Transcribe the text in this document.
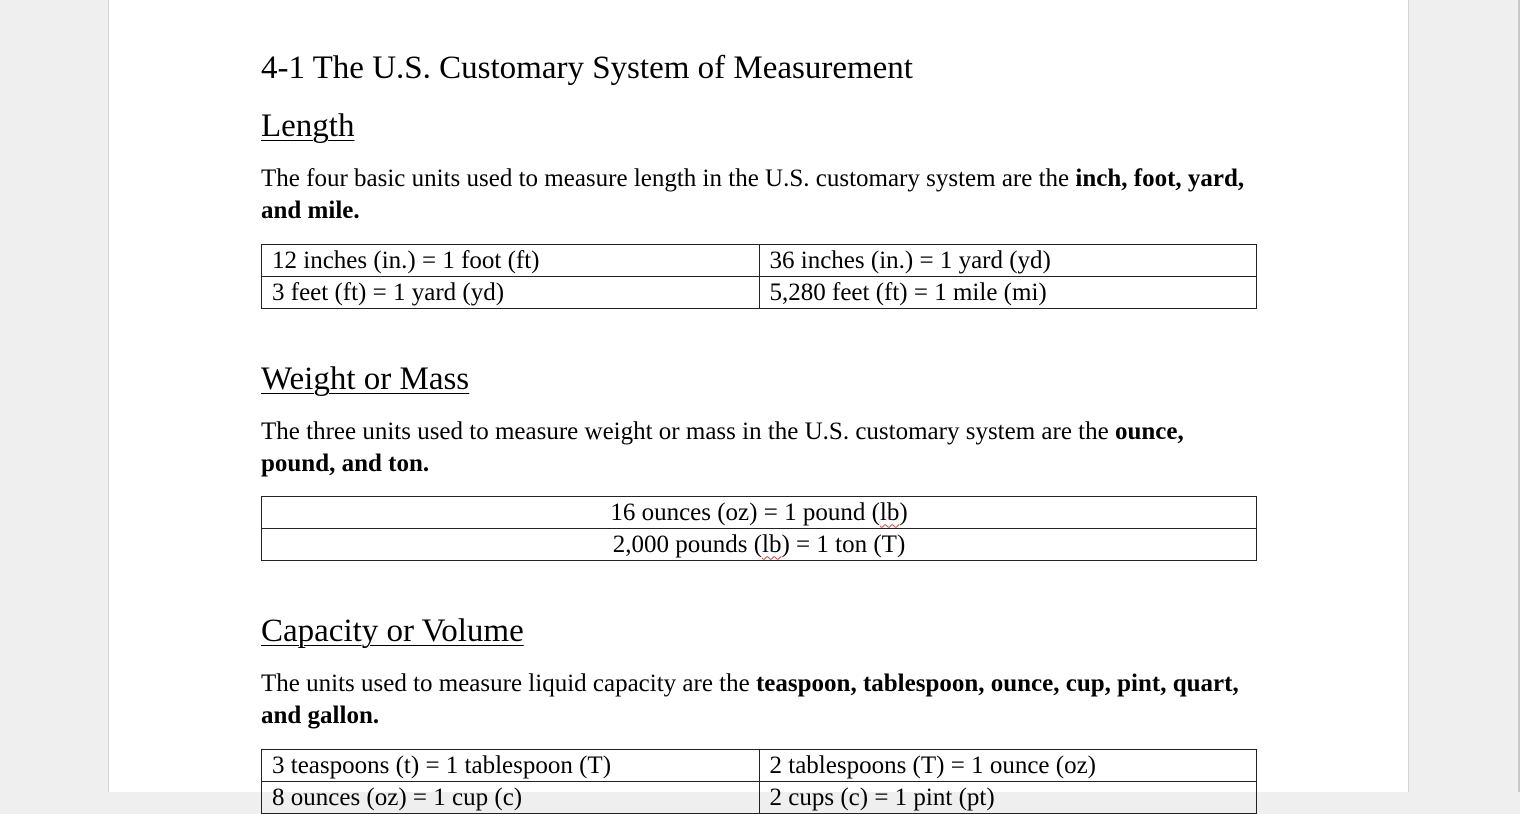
4-1 The U.S. Customary System of Measurement
Length
The four basic units used to measure length in the U.S. customary system are the inch, foot, yard, and mile.
12 inches (in.) = 1 foot (ft)	36 inches (in.) = 1 yard (yd)
3 feet (ft) = 1 yard (yd)	5,280 feet (ft) = 1 mile (mi)
Weight or Mass
The three units used to measure weight or mass in the U.S. customary system are the ounce, pound, and ton.
16 ounces (oz) = 1 pound (lb)
2,000 pounds (lb) = 1 ton (T)
Capacity or Volume
The units used to measure liquid capacity are the teaspoon, tablespoon, ounce, cup, pint, quart, and gallon.
3 teaspoons (t) = 1 tablespoon (T)	2 tablespoons (T) = 1 ounce (oz)
8 ounces (oz) = 1 cup (c)	2 cups (c) = 1 pint (pt)
